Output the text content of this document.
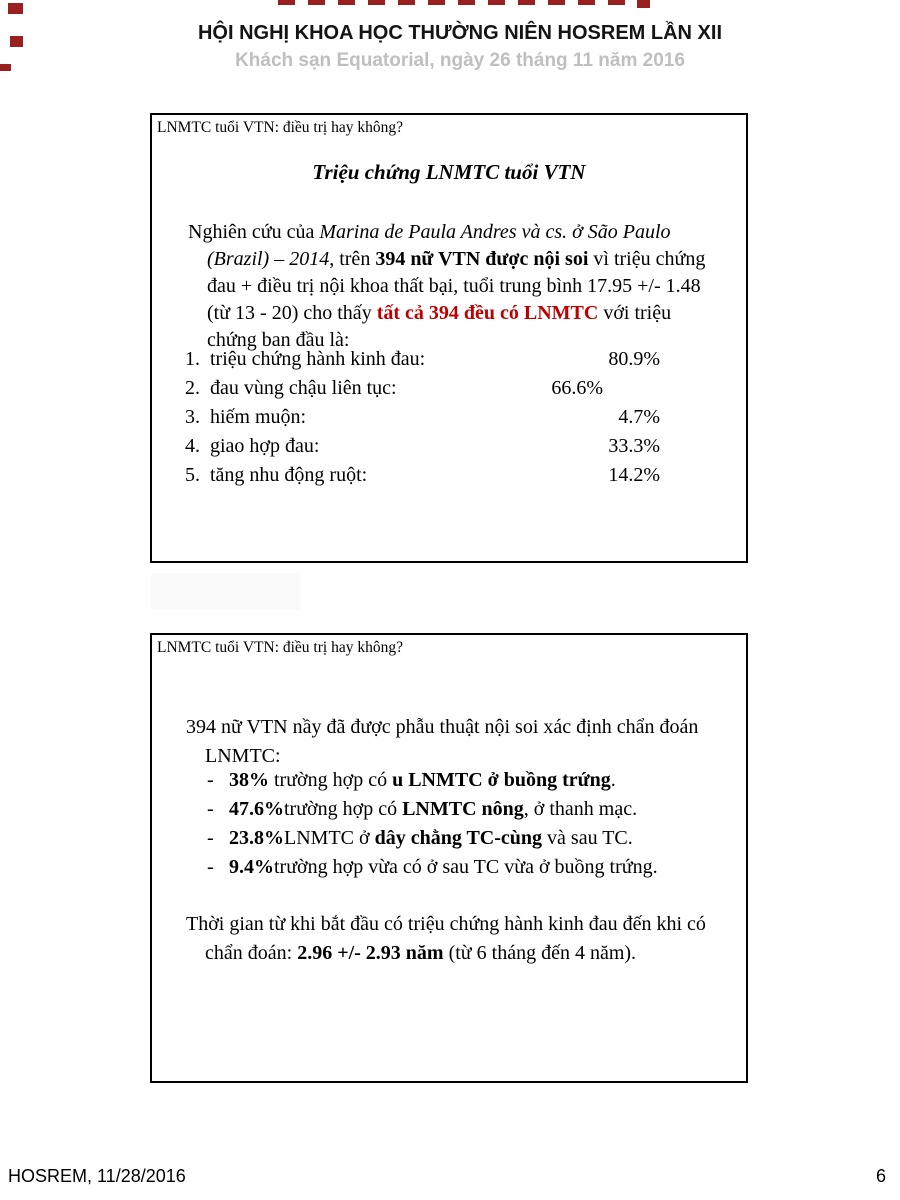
HỘI NGHỊ KHOA HỌC THƯỜNG NIÊN HOSREM LẦN XII
Khách sạn Equatorial, ngày 26 tháng 11 năm 2016
LNMTC tuổi VTN: điều trị hay không?
Triệu chứng LNMTC tuổi VTN
Nghiên cứu của Marina de Paula Andres và cs. ở São Paulo
(Brazil) – 2014, trên 394 nữ VTN được nội soi vì triệu chứng
đau + điều trị nội khoa thất bại, tuổi trung bình 17.95 +/- 1.48
(từ 13 - 20) cho thấy tất cả 394 đều có LNMTC với triệu
chứng ban đầu là:
1. triệu chứng hành kinh đau:	80.9%
2. đau vùng chậu liên tục:	66.6%
3. hiếm muộn:	4.7%
4. giao hợp đau:	33.3%
5. tăng nhu động ruột:	14.2%
LNMTC tuổi VTN: điều trị hay không?
394 nữ VTN nầy đã được phẫu thuật nội soi xác định chẩn đoán
LNMTC:
- 38% trường hợp có u LNMTC ở buồng trứng.
- 47.6%trường hợp có LNMTC nông, ở thanh mạc.
- 23.8%LNMTC ở dây chằng TC-cùng và sau TC.
- 9.4%trường hợp vừa có ở sau TC vừa ở buồng trứng.
Thời gian từ khi bắt đầu có triệu chứng hành kinh đau đến khi có
chẩn đoán: 2.96 +/- 2.93 năm (từ 6 tháng đến 4 năm).
HOSREM, 11/28/2016	6
